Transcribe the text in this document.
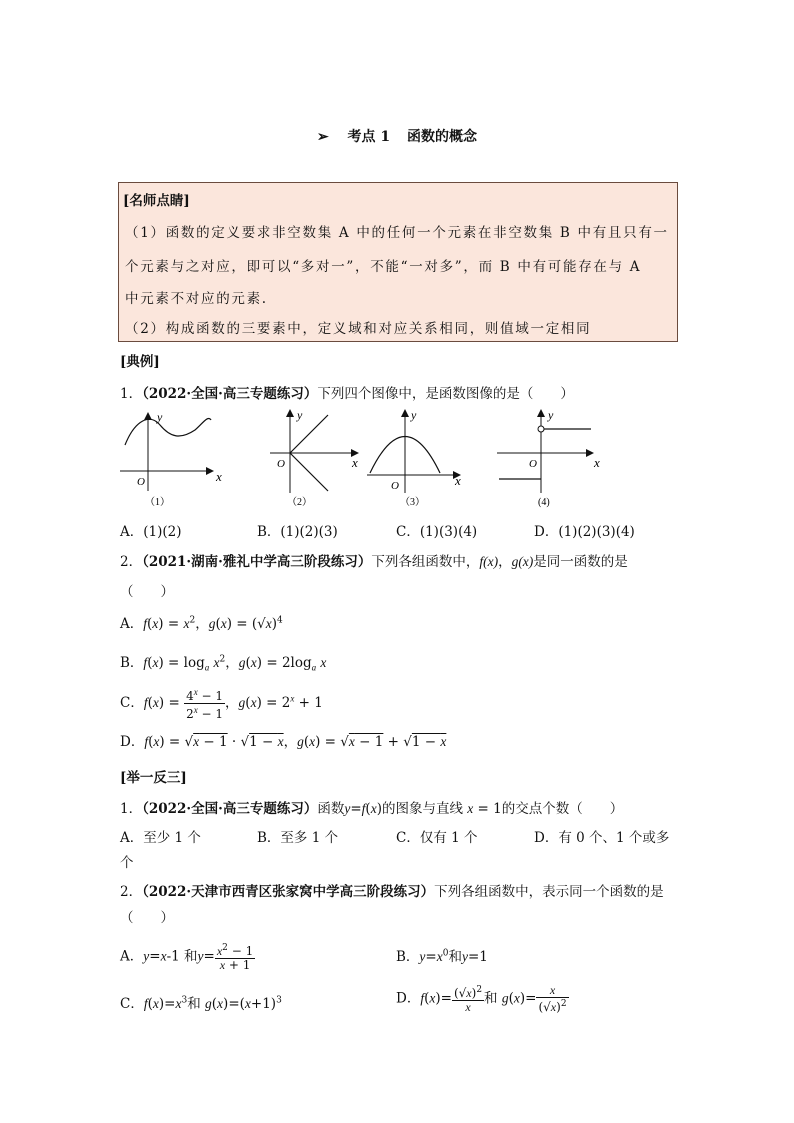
➢ 考点 1 函数的概念
[名师点睛]
（1）函数的定义要求非空数集 A 中的任何一个元素在非空数集 B 中有且只有一
个元素与之对应，即可以“多对一”，不能“一对多”，而 B 中有可能存在与 A
中元素不对应的元素.
（2）构成函数的三要素中，定义域和对应关系相同，则值域一定相同
[典例]
1．（2022·全国·高三专题练习）下列四个图像中，是函数图像的是（　　）
y
x
O
（1）
y
x
O
（2）
y
x
O
（3）
y
x
O
(4)
A．(1)(2)	B．(1)(2)(3)	C．(1)(3)(4)	D．(1)(2)(3)(4)
2．（2021·湖南·雅礼中学高三阶段练习）下列各组函数中，f(x)，g(x)是同一函数的是
（　　）
A．$f(x) = x^2$，$g(x) = (√x)^4$
B．$f(x) = \log_a x^2$，$g(x) = 2\log_a$ x
C．$f(x) = \frac{4^x - 1}{2^x - 1}$ ，$g(x) = 2^x + 1$
D．f(x) = √x − 1 · √1 − x，g(x) = √x − 1 + √1 − x
[举一反三]
1．（2022·全国·高三专题练习）函数y=f(x)的图象与直线 x = 1的交点个数（　　）
A．至少 1 个	B．至多 1 个	C．仅有 1 个	D．有 0 个、1 个或多
个
2．（2022·天津市西青区张家窝中学高三阶段练习）下列各组函数中，表示同一个函数的是
（　　）
A．y=x-1 和$y= \frac{x^2 - 1}{x + 1}$	B．$y=x^0$和y=1
C．$f(x)=x^3$和 $g(x)=(x+1)^3$	D．$f(x)= \frac{(√x)^2}{x}$ 和 $g(x)= \frac{x}{(√x)^2}$
